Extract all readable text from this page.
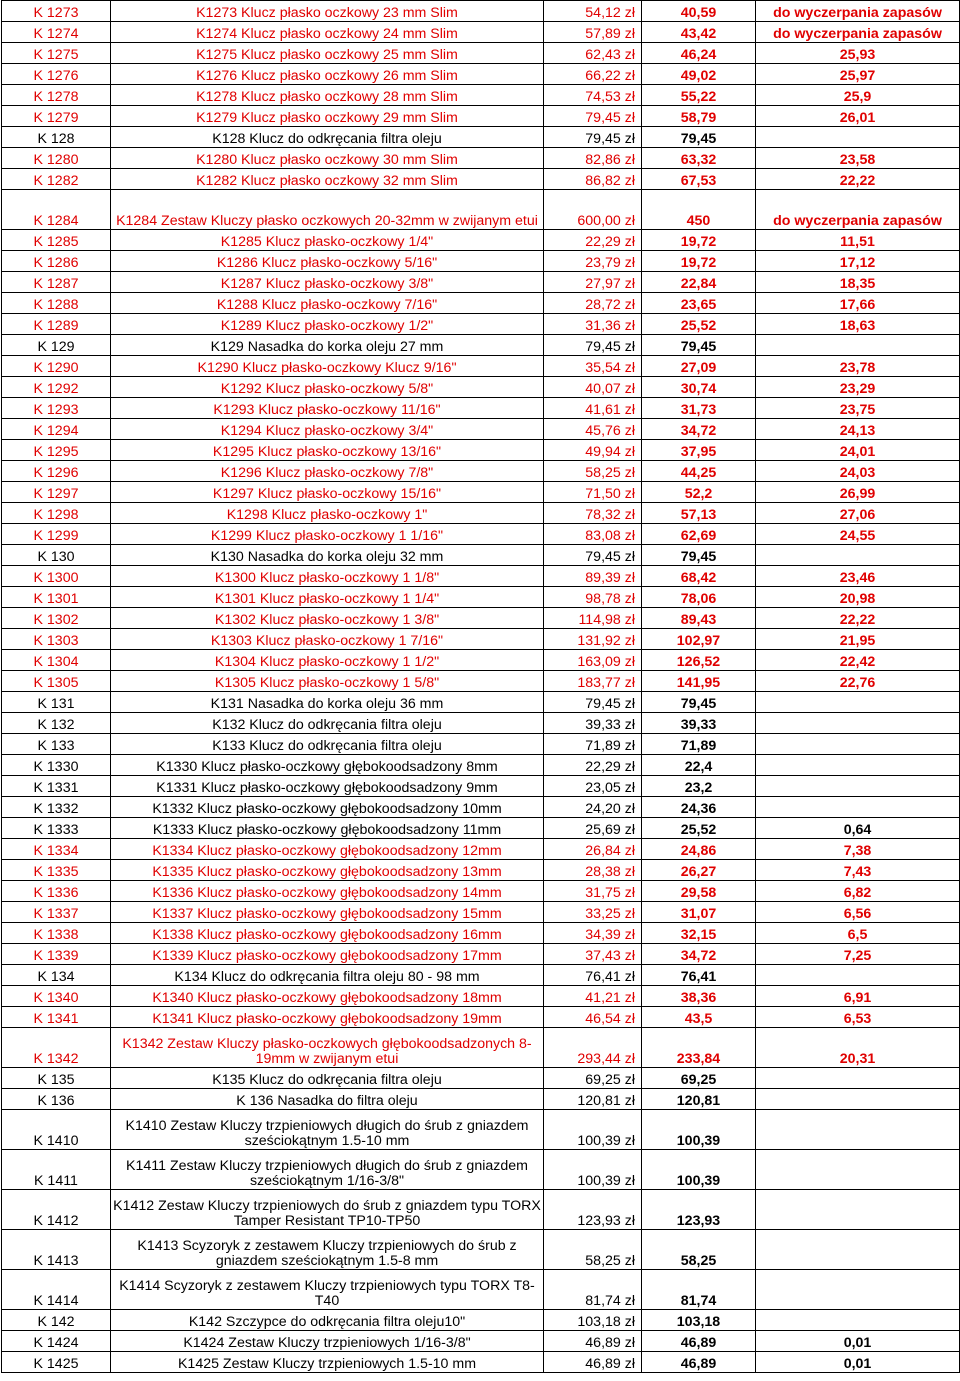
K 1273	K1273 Klucz płasko oczkowy 23 mm Slim	54,12 zł	40,59	do wyczerpania zapasów
K 1274	K1274 Klucz płasko oczkowy 24 mm Slim	57,89 zł	43,42	do wyczerpania zapasów
K 1275	K1275 Klucz płasko oczkowy 25 mm Slim	62,43 zł	46,24	25,93
K 1276	K1276 Klucz płasko oczkowy 26 mm Slim	66,22 zł	49,02	25,97
K 1278	K1278 Klucz płasko oczkowy 28 mm Slim	74,53 zł	55,22	25,9
K 1279	K1279 Klucz płasko oczkowy 29 mm Slim	79,45 zł	58,79	26,01
K 128	K128 Klucz do odkręcania filtra oleju	79,45 zł	79,45	
K 1280	K1280 Klucz płasko oczkowy 30 mm Slim	82,86 zł	63,32	23,58
K 1282	K1282 Klucz płasko oczkowy 32 mm Slim	86,82 zł	67,53	22,22
K 1284	K1284 Zestaw Kluczy płasko oczkowych 20-32mm w zwijanym etui	600,00 zł	450	do wyczerpania zapasów
K 1285	K1285 Klucz płasko-oczkowy 1/4"	22,29 zł	19,72	11,51
K 1286	K1286 Klucz płasko-oczkowy 5/16"	23,79 zł	19,72	17,12
K 1287	K1287 Klucz płasko-oczkowy 3/8"	27,97 zł	22,84	18,35
K 1288	K1288 Klucz płasko-oczkowy 7/16"	28,72 zł	23,65	17,66
K 1289	K1289 Klucz płasko-oczkowy 1/2"	31,36 zł	25,52	18,63
K 129	K129 Nasadka do korka oleju 27 mm	79,45 zł	79,45	
K 1290	K1290 Klucz płasko-oczkowy Klucz 9/16"	35,54 zł	27,09	23,78
K 1292	K1292 Klucz płasko-oczkowy 5/8"	40,07 zł	30,74	23,29
K 1293	K1293 Klucz płasko-oczkowy 11/16"	41,61 zł	31,73	23,75
K 1294	K1294 Klucz płasko-oczkowy 3/4"	45,76 zł	34,72	24,13
K 1295	K1295 Klucz płasko-oczkowy 13/16"	49,94 zł	37,95	24,01
K 1296	K1296 Klucz płasko-oczkowy 7/8"	58,25 zł	44,25	24,03
K 1297	K1297 Klucz płasko-oczkowy 15/16"	71,50 zł	52,2	26,99
K 1298	K1298 Klucz płasko-oczkowy 1"	78,32 zł	57,13	27,06
K 1299	K1299 Klucz płasko-oczkowy 1 1/16"	83,08 zł	62,69	24,55
K 130	K130 Nasadka do korka oleju 32 mm	79,45 zł	79,45	
K 1300	K1300 Klucz płasko-oczkowy 1 1/8"	89,39 zł	68,42	23,46
K 1301	K1301 Klucz płasko-oczkowy 1 1/4"	98,78 zł	78,06	20,98
K 1302	K1302 Klucz płasko-oczkowy 1 3/8"	114,98 zł	89,43	22,22
K 1303	K1303 Klucz płasko-oczkowy 1 7/16"	131,92 zł	102,97	21,95
K 1304	K1304 Klucz płasko-oczkowy 1 1/2"	163,09 zł	126,52	22,42
K 1305	K1305 Klucz płasko-oczkowy 1 5/8"	183,77 zł	141,95	22,76
K 131	K131 Nasadka do korka oleju 36 mm	79,45 zł	79,45	
K 132	K132 Klucz do odkręcania filtra oleju	39,33 zł	39,33	
K 133	K133 Klucz do odkręcania filtra oleju	71,89 zł	71,89	
K 1330	K1330 Klucz płasko-oczkowy głębokoodsadzony 8mm	22,29 zł	22,4	
K 1331	K1331 Klucz płasko-oczkowy głębokoodsadzony 9mm	23,05 zł	23,2	
K 1332	K1332 Klucz płasko-oczkowy głębokoodsadzony 10mm	24,20 zł	24,36	
K 1333	K1333 Klucz płasko-oczkowy głębokoodsadzony 11mm	25,69 zł	25,52	0,64
K 1334	K1334 Klucz płasko-oczkowy głębokoodsadzony 12mm	26,84 zł	24,86	7,38
K 1335	K1335 Klucz płasko-oczkowy głębokoodsadzony 13mm	28,38 zł	26,27	7,43
K 1336	K1336 Klucz płasko-oczkowy głębokoodsadzony 14mm	31,75 zł	29,58	6,82
K 1337	K1337 Klucz płasko-oczkowy głębokoodsadzony 15mm	33,25 zł	31,07	6,56
K 1338	K1338 Klucz płasko-oczkowy głębokoodsadzony 16mm	34,39 zł	32,15	6,5
K 1339	K1339 Klucz płasko-oczkowy głębokoodsadzony 17mm	37,43 zł	34,72	7,25
K 134	K134 Klucz do odkręcania filtra oleju 80 - 98 mm	76,41 zł	76,41	
K 1340	K1340 Klucz płasko-oczkowy głębokoodsadzony 18mm	41,21 zł	38,36	6,91
K 1341	K1341 Klucz płasko-oczkowy głębokoodsadzony 19mm	46,54 zł	43,5	6,53
K 1342	K1342 Zestaw Kluczy płasko-oczkowych głębokoodsadzonych 8-19mm w zwijanym etui	293,44 zł	233,84	20,31
K 135	K135 Klucz do odkręcania filtra oleju	69,25 zł	69,25	
K 136	K 136 Nasadka do filtra oleju	120,81 zł	120,81	
K 1410	K1410 Zestaw Kluczy trzpieniowych długich do śrub z gniazdem sześciokątnym 1.5-10 mm	100,39 zł	100,39	
K 1411	K1411 Zestaw Kluczy trzpieniowych długich do śrub z gniazdem sześciokątnym 1/16-3/8"	100,39 zł	100,39	
K 1412	K1412 Zestaw Kluczy trzpieniowych do śrub z gniazdem typu TORX Tamper Resistant TP10-TP50	123,93 zł	123,93	
K 1413	K1413 Scyzoryk z zestawem Kluczy trzpieniowych do śrub z gniazdem sześciokątnym 1.5-8 mm	58,25 zł	58,25	
K 1414	K1414 Scyzoryk z zestawem Kluczy trzpieniowych typu TORX T8-T40	81,74 zł	81,74	
K 142	K142 Szczypce do odkręcania filtra oleju10"	103,18 zł	103,18	
K 1424	K1424 Zestaw Kluczy trzpieniowych 1/16-3/8"	46,89 zł	46,89	0,01
K 1425	K1425 Zestaw Kluczy trzpieniowych 1.5-10 mm	46,89 zł	46,89	0,01
